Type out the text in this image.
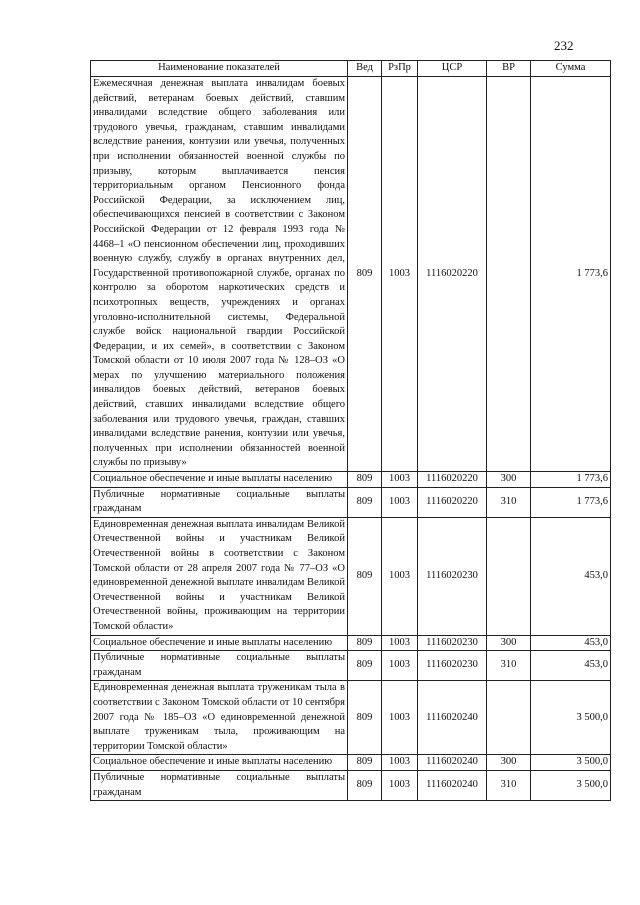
232
Наименование показателей	Вед	РзПр	ЦСР	ВР	Сумма
Ежемесячная денежная выплата инвалидам боевых действий, ветеранам боевых действий, ставшим инвалидами вследствие общего заболевания или трудового увечья, гражданам, ставшим инвалидами вследствие ранения, контузии или увечья, полученных при исполнении обязанностей военной службы по призыву, которым выплачивается пенсия территориальным органом Пенсионного фонда Российской Федерации, за исключением лиц, обеспечивающихся пенсией в соответствии с Законом Российской Федерации от 12 февраля 1993 года № 4468–1 «О пенсионном обеспечении лиц, проходивших военную службу, службу в органах внутренних дел, Государственной противопожарной службе, органах по контролю за оборотом наркотических средств и психотропных веществ, учреждениях и органах уголовно-исполнительной системы, Федеральной службе войск национальной гвардии Российской Федерации, и их семей», в соответствии с Законом Томской области от 10 июля 2007 года № 128–ОЗ «О мерах по улучшению материального положения инвалидов боевых действий, ветеранов боевых действий, ставших инвалидами вследствие общего заболевания или трудового увечья, граждан, ставших инвалидами вследствие ранения, контузии или увечья, полученных при исполнении обязанностей военной службы по призыву»	809	1003	1116020220		1 773,6
Социальное обеспечение и иные выплаты населению	809	1003	1116020220	300	1 773,6
Публичные нормативные социальные выплаты гражданам	809	1003	1116020220	310	1 773,6
Единовременная денежная выплата инвалидам Великой Отечественной войны и участникам Великой Отечественной войны в соответствии с Законом Томской области от 28 апреля 2007 года № 77–ОЗ «О единовременной денежной выплате инвалидам Великой Отечественной войны и участникам Великой Отечественной войны, проживающим на территории Томской области»	809	1003	1116020230		453,0
Социальное обеспечение и иные выплаты населению	809	1003	1116020230	300	453,0
Публичные нормативные социальные выплаты гражданам	809	1003	1116020230	310	453,0
Единовременная денежная выплата труженикам тыла в соответствии с Законом Томской области от 10 сентября 2007 года № 185–ОЗ «О единовременной денежной выплате труженикам тыла, проживающим на территории Томской области»	809	1003	1116020240		3 500,0
Социальное обеспечение и иные выплаты населению	809	1003	1116020240	300	3 500,0
Публичные нормативные социальные выплаты гражданам	809	1003	1116020240	310	3 500,0
